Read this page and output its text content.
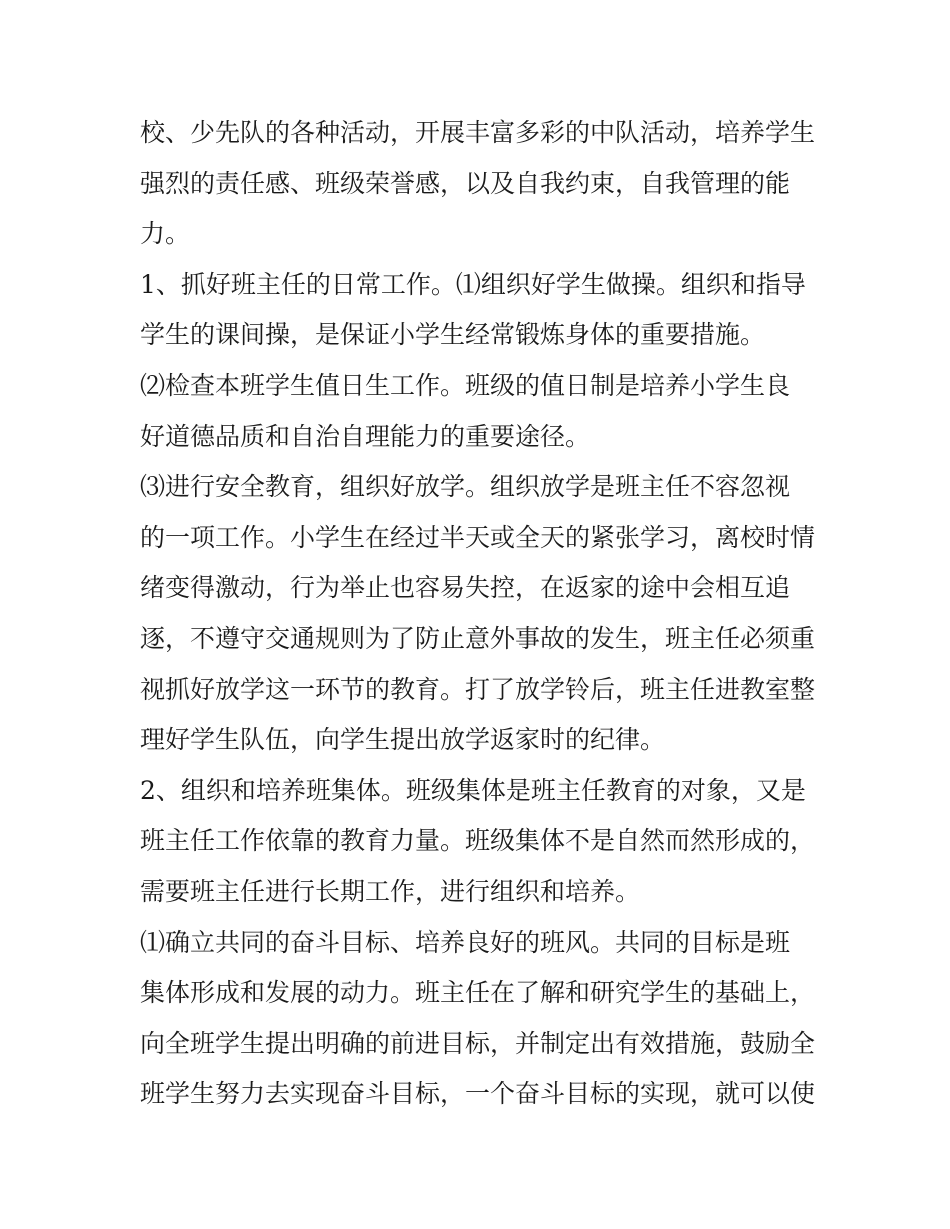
校、少先队的各种活动，开展丰富多彩的中队活动，培养学生
强烈的责任感、班级荣誉感，以及自我约束，自我管理的能
力。
1、抓好班主任的日常工作。⑴组织好学生做操。组织和指导
学生的课间操，是保证小学生经常锻炼身体的重要措施。
⑵检查本班学生值日生工作。班级的值日制是培养小学生良
好道德品质和自治自理能力的重要途径。
⑶进行安全教育，组织好放学。组织放学是班主任不容忽视
的一项工作。小学生在经过半天或全天的紧张学习，离校时情
绪变得激动，行为举止也容易失控，在返家的途中会相互追
逐，不遵守交通规则为了防止意外事故的发生，班主任必须重
视抓好放学这一环节的教育。打了放学铃后，班主任进教室整
理好学生队伍，向学生提出放学返家时的纪律。
2、组织和培养班集体。班级集体是班主任教育的对象，又是
班主任工作依靠的教育力量。班级集体不是自然而然形成的，
需要班主任进行长期工作，进行组织和培养。
⑴确立共同的奋斗目标、培养良好的班风。共同的目标是班
集体形成和发展的动力。班主任在了解和研究学生的基础上，
向全班学生提出明确的前进目标，并制定出有效措施，鼓励全
班学生努力去实现奋斗目标，一个奋斗目标的实现，就可以使
